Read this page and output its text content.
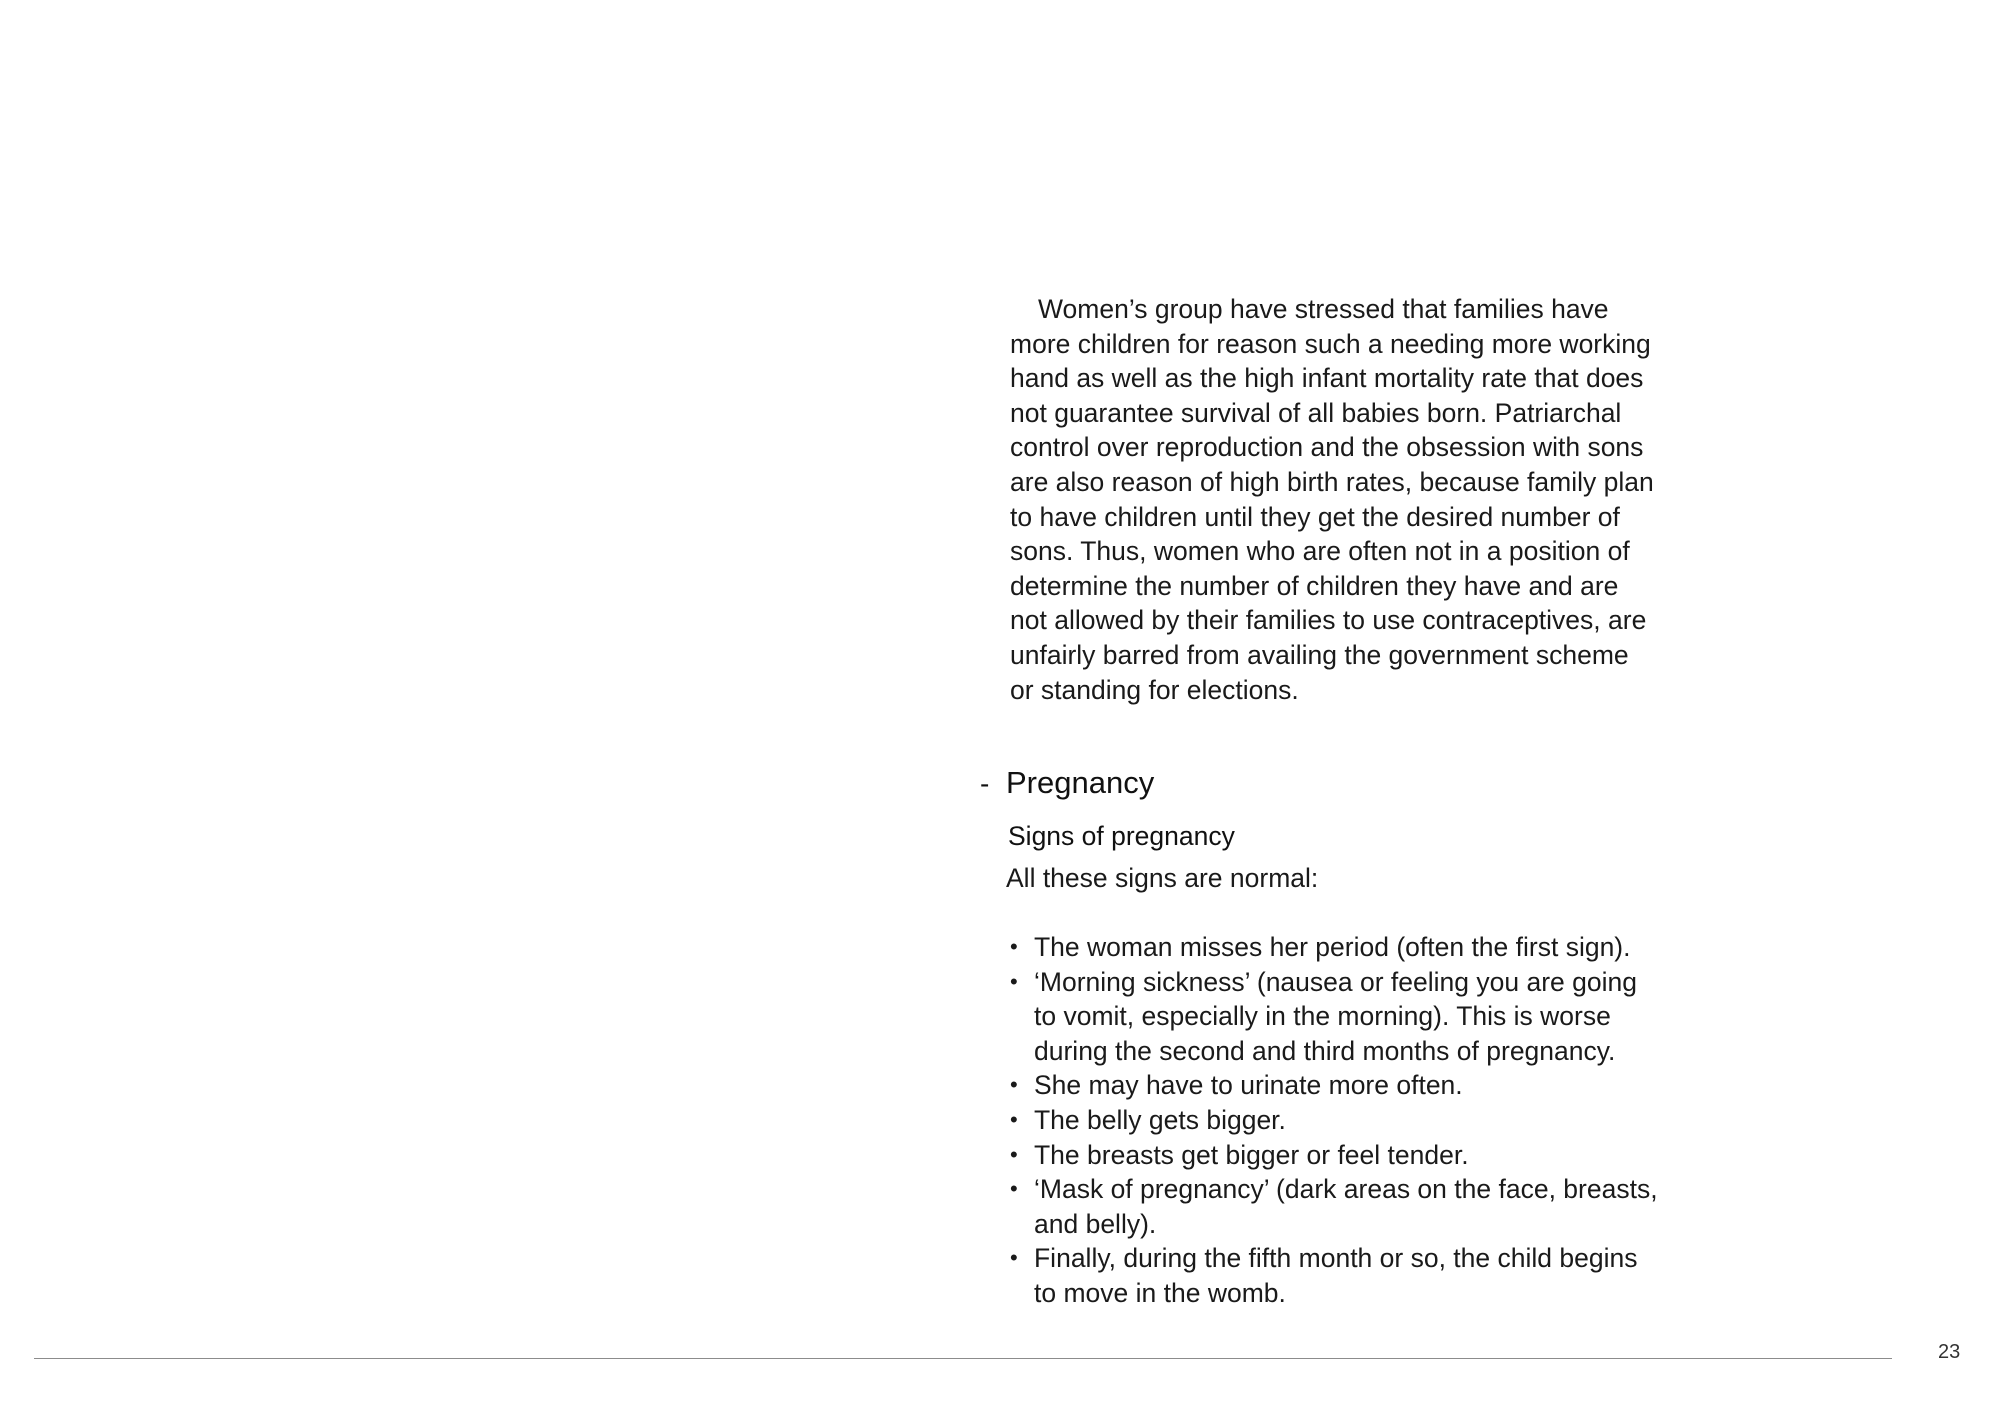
Women’s group have stressed that families have
more children for reason such a needing more working
hand as well as the high infant mortality rate that does
not guarantee survival of all babies born. Patriarchal
control over reproduction and the obsession with sons
are also reason of high birth rates, because family plan
to have children until they get the desired number of
sons. Thus, women who are often not in a position of
determine the number of children they have and are
not allowed by their families to use contraceptives, are
unfairly barred from availing the government scheme
or standing for elections.

- Pregnancy
Signs of pregnancy

All these signs are normal:

• The woman misses her period (often the first sign).
• ‘Morning sickness’ (nausea or feeling you are going
to vomit, especially in the morning). This is worse
during the second and third months of pregnancy.
• She may have to urinate more often.
• The belly gets bigger.
• The breasts get bigger or feel tender.
• ‘Mask of pregnancy’ (dark areas on the face, breasts,
and belly).
• Finally, during the fifth month or so, the child begins
to move in the womb.
23
